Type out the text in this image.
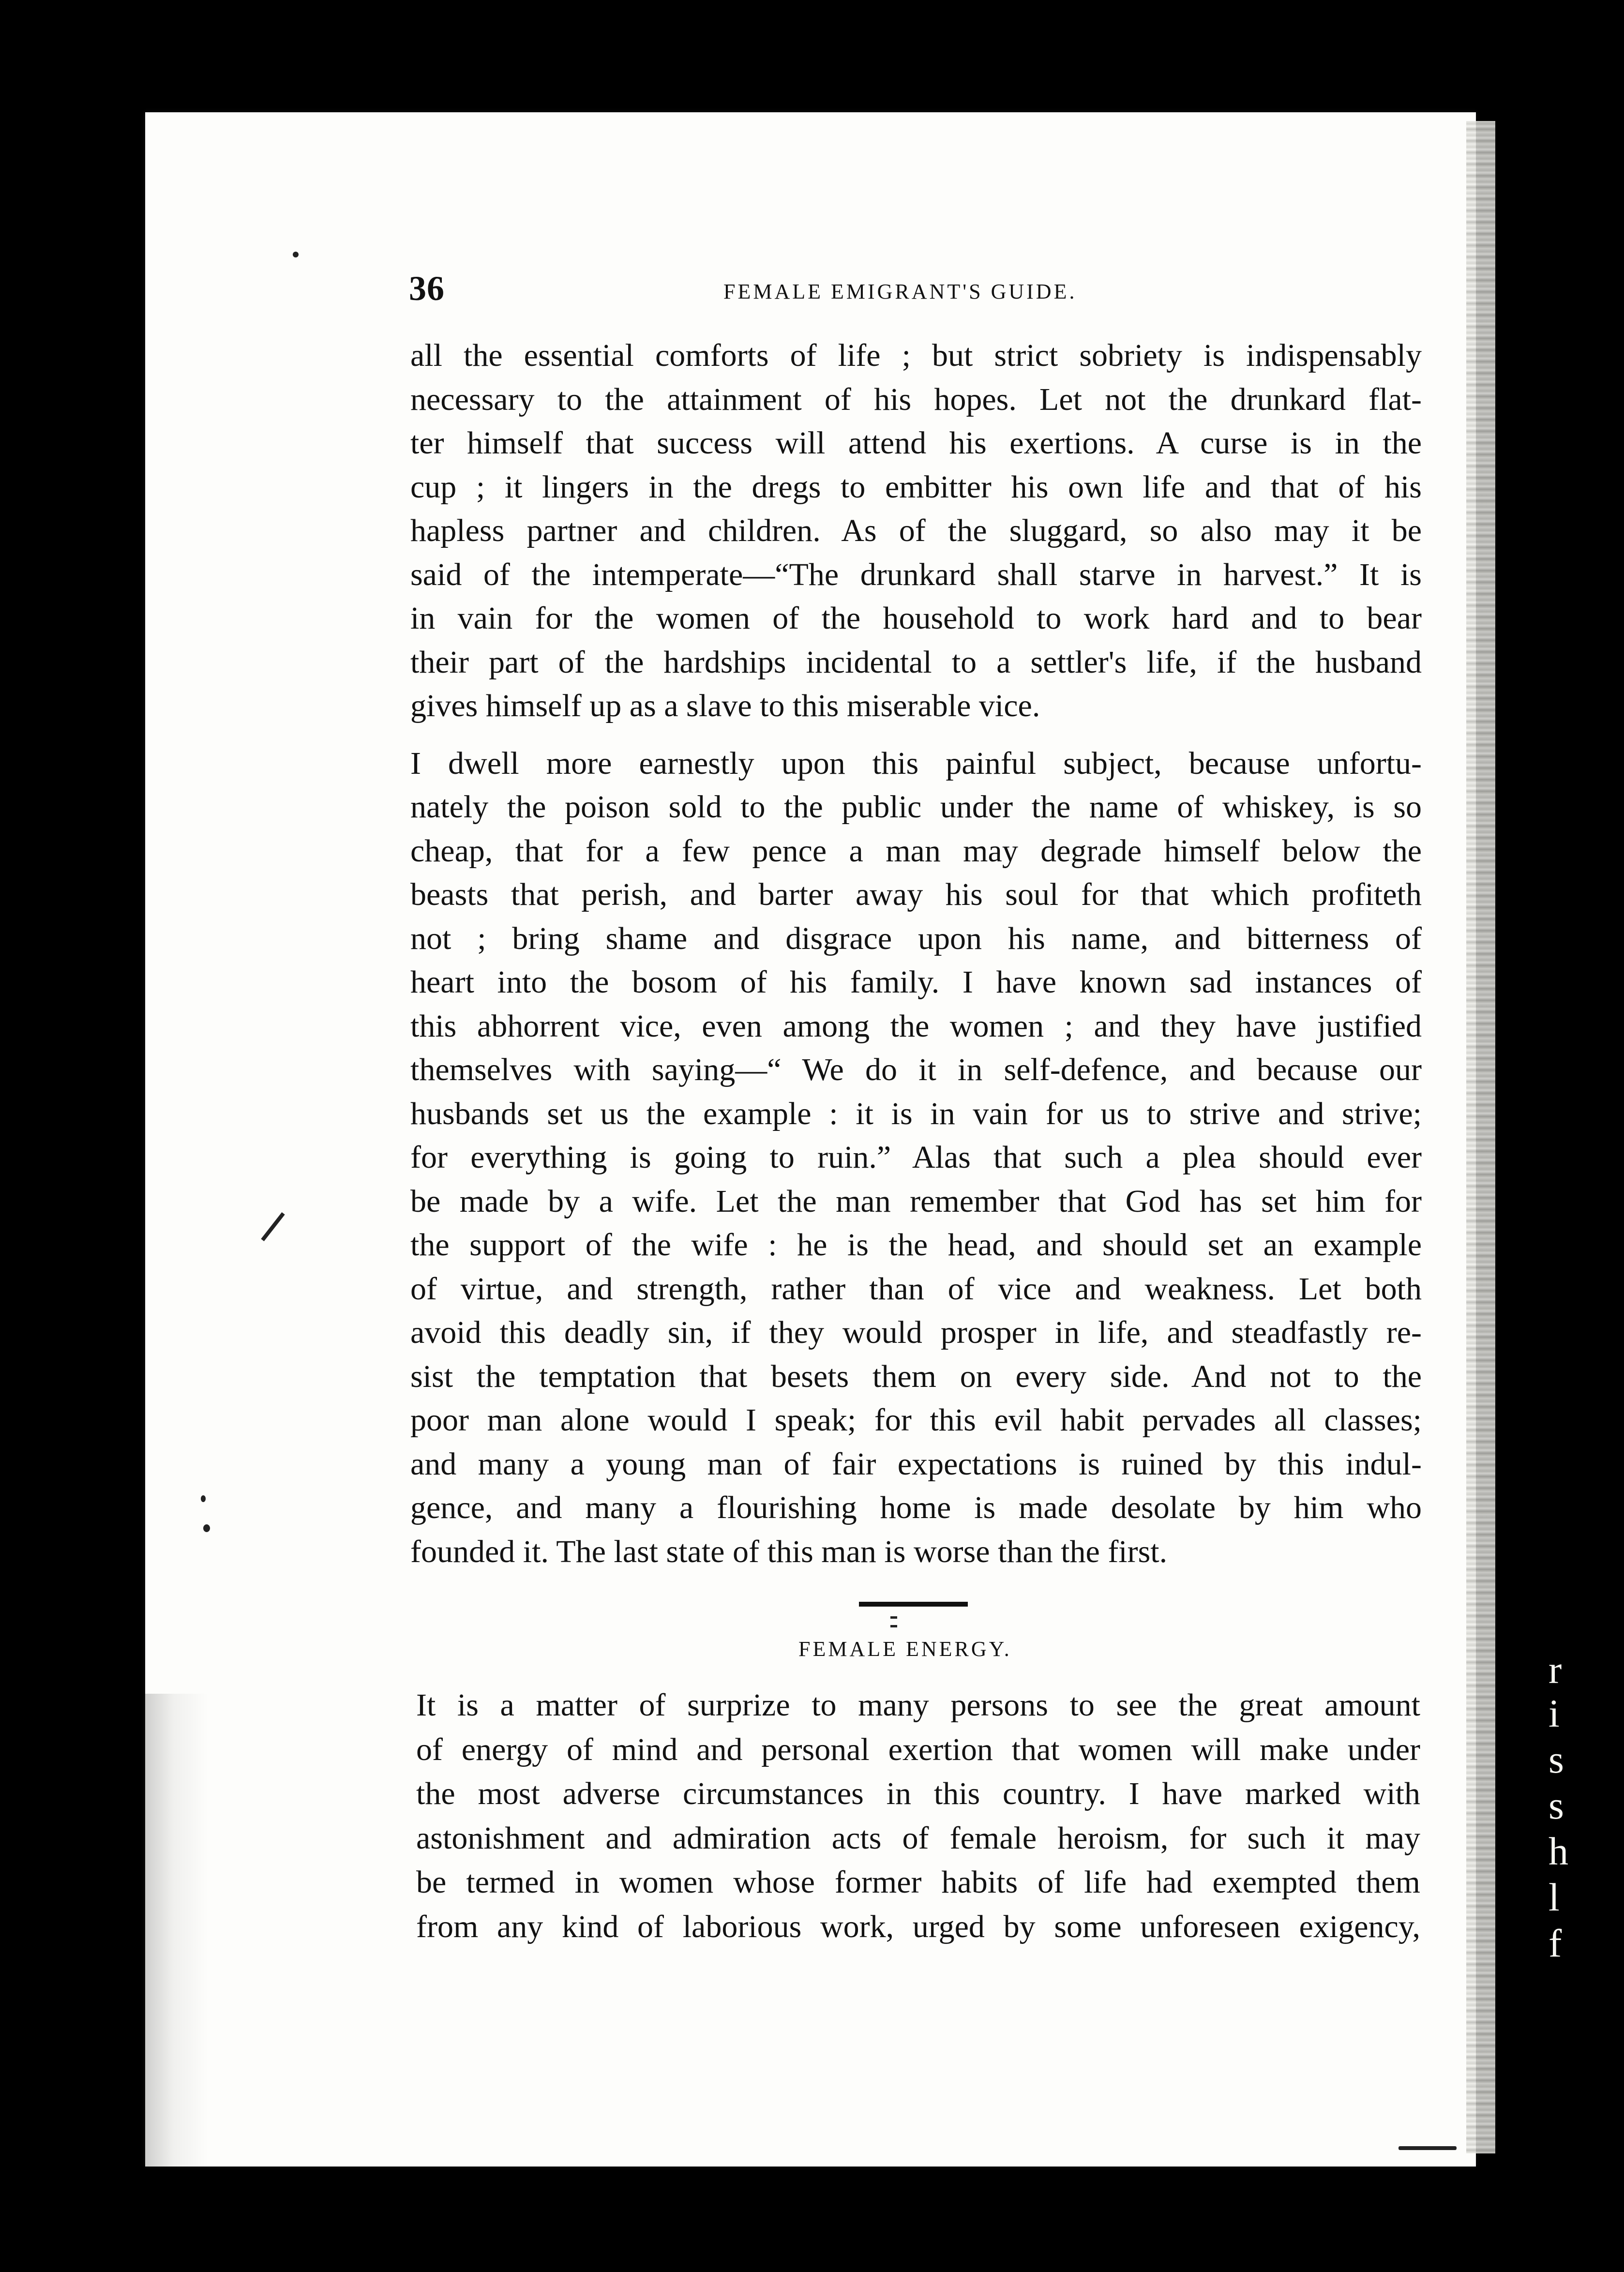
r
i
s
s
h
l
f
36	FEMALE EMIGRANT'S GUIDE.

all the essential comforts of life ; but strict sobriety is indispensably
necessary to the attainment of his hopes. Let not the drunkard flat-
ter himself that success will attend his exertions. A curse is in the
cup ; it lingers in the dregs to embitter his own life and that of his
hapless partner and children. As of the sluggard, so also may it be
said of the intemperate—“The drunkard shall starve in harvest.” It is
in vain for the women of the household to work hard and to bear
their part of the hardships incidental to a settler's life, if the husband
gives himself up as a slave to this miserable vice.

I dwell more earnestly upon this painful subject, because unfortu-
nately the poison sold to the public under the name of whiskey, is so
cheap, that for a few pence a man may degrade himself below the
beasts that perish, and barter away his soul for that which profiteth
not ; bring shame and disgrace upon his name, and bitterness of
heart into the bosom of his family. I have known sad instances of
this abhorrent vice, even among the women ; and they have justified
themselves with saying—“ We do it in self-defence, and because our
husbands set us the example : it is in vain for us to strive and strive;
for everything is going to ruin.” Alas that such a plea should ever
be made by a wife. Let the man remember that God has set him for
the support of the wife : he is the head, and should set an example
of virtue, and strength, rather than of vice and weakness. Let both
avoid this deadly sin, if they would prosper in life, and steadfastly re-
sist the temptation that besets them on every side. And not to the
poor man alone would I speak; for this evil habit pervades all classes;
and many a young man of fair expectations is ruined by this indul-
gence, and many a flourishing home is made desolate by him who
founded it. The last state of this man is worse than the first.

FEMALE ENERGY.

It is a matter of surprize to many persons to see the great amount
of energy of mind and personal exertion that women will make under
the most adverse circumstances in this country. I have marked with
astonishment and admiration acts of female heroism, for such it may
be termed in women whose former habits of life had exempted them
from any kind of laborious work, urged by some unforeseen exigency,
